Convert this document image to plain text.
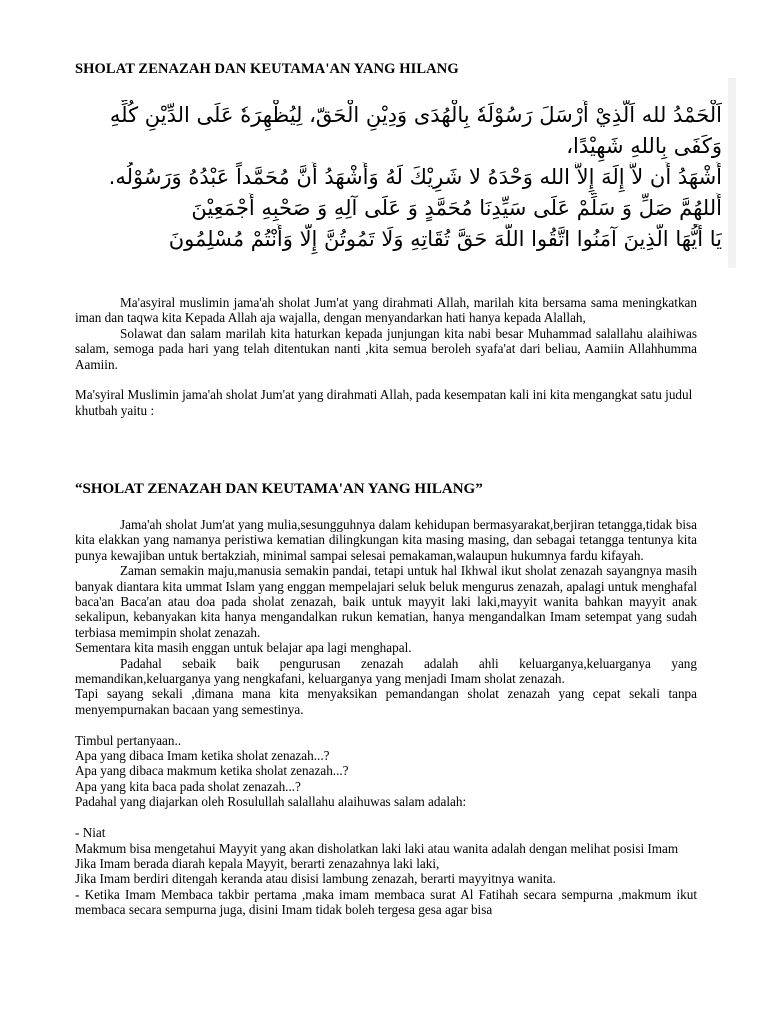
SHOLAT ZENAZAH DAN KEUTAMA'AN YANG HILANG
اَلْحَمْدُ لله اَلَّذِيْ أَرْسَلَ رَسُوْلَهٗ بِالْهُدَى وَدِيْنِ الْحَقّ، لِيُظْهِرَهٗ عَلَى الدِّيْنِ كُلِّهِ
وَكَفَى بِاللهِ شَهِيْدًا،
أَشْهَدُ أَن لاَّ إِلَهَ إِلاَّ الله وَحْدَهُ لا شَرِيْكَ لَهُ وَأَشْهَدُ أَنَّ مُحَمَّداً عَبْدُهُ وَرَسُوْلُه.
أَللهُمَّ صَلِّ وَ سَلِّمْ عَلَى سَيِّدِنَا مُحَمَّدٍ وَ عَلَى آلِهِ وَ صَحْبِهِ أَجْمَعِيْنَ
يَا أَيُّهَا الَّذِينَ آمَنُوا اتَّقُوا اللَّهَ حَقَّ تُقَاتِهِ وَلَا تَمُوتُنَّ إِلَّا وَأَنْتُمْ مُسْلِمُونَ

Ma'asyiral muslimin jama'ah sholat Jum'at yang dirahmati Allah, marilah kita bersama sama meningkatkan iman dan taqwa kita Kepada Allah aja wajalla, dengan menyandarkan hati hanya kepada Alallah,

Solawat dan salam marilah kita haturkan kepada junjungan kita nabi besar Muhammad salallahu alaihiwas salam, semoga pada hari yang telah ditentukan nanti ,kita semua beroleh syafa'at dari beliau, Aamiin Allahhumma Aamiin.

Ma'syiral Muslimin jama'ah sholat Jum'at yang dirahmati Allah, pada kesempatan kali ini kita mengangkat satu judul khutbah yaitu :

“SHOLAT ZENAZAH DAN KEUTAMA'AN YANG HILANG”

Jama'ah sholat Jum'at yang mulia,sesungguhnya dalam kehidupan bermasyarakat,berjiran tetangga,tidak bisa kita elakkan yang namanya peristiwa kematian dilingkungan kita masing masing, dan sebagai tetangga tentunya kita punya kewajiban untuk bertakziah, minimal sampai selesai pemakaman,walaupun hukumnya fardu kifayah.

Zaman semakin maju,manusia semakin pandai, tetapi untuk hal Ikhwal ikut sholat zenazah sayangnya masih banyak diantara kita ummat Islam yang enggan mempelajari seluk beluk mengurus zenazah, apalagi untuk menghafal baca'an Baca'an atau doa pada sholat zenazah, baik untuk mayyit laki laki,mayyit wanita bahkan mayyit anak sekalipun, kebanyakan kita hanya mengandalkan rukun kematian, hanya mengandalkan Imam setempat yang sudah terbiasa memimpin sholat zenazah.

Sementara kita masih enggan untuk belajar apa lagi menghapal.

Padahal sebaik baik pengurusan zenazah adalah ahli keluarganya,keluarganya yang memandikan,keluarganya yang nengkafani, keluarganya yang menjadi Imam sholat zenazah.

Tapi sayang sekali ,dimana mana kita menyaksikan pemandangan sholat zenazah yang cepat sekali tanpa menyempurnakan bacaan yang semestinya.

Timbul pertanyaan..

Apa yang dibaca Imam ketika sholat zenazah...?

Apa yang dibaca makmum ketika sholat zenazah...?

Apa yang kita baca pada sholat zenazah...?

Padahal yang diajarkan oleh Rosulullah salallahu alaihuwas salam adalah:

- Niat

Makmum bisa mengetahui Mayyit yang akan disholatkan laki laki atau wanita adalah dengan melihat posisi Imam

Jika Imam berada diarah kepala Mayyit, berarti zenazahnya laki laki,

Jika Imam berdiri ditengah keranda atau disisi lambung zenazah, berarti mayyitnya wanita.

- Ketika Imam Membaca takbir pertama ,maka imam membaca surat Al Fatihah secara sempurna ,makmum ikut membaca secara sempurna juga, disini Imam tidak boleh tergesa gesa agar bisa
